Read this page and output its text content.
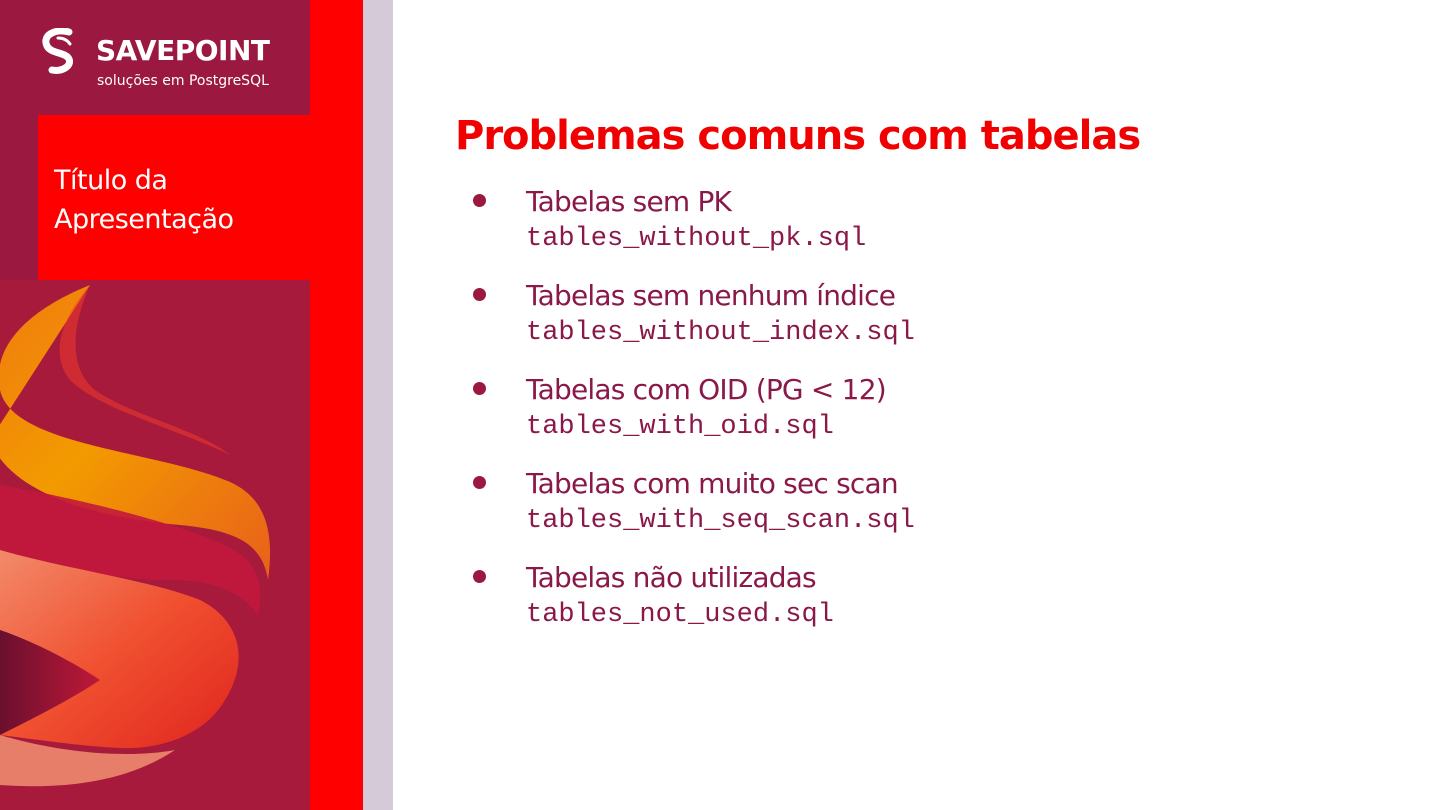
SAVEPOINT
soluções em PostgreSQL
Título da Apresentação
Problemas comuns com tabelas
Tabelas sem PK
tables_without_pk.sql
Tabelas sem nenhum índice
tables_without_index.sql
Tabelas com OID (PG < 12)
tables_with_oid.sql
Tabelas com muito sec scan
tables_with_seq_scan.sql
Tabelas não utilizadas
tables_not_used.sql
